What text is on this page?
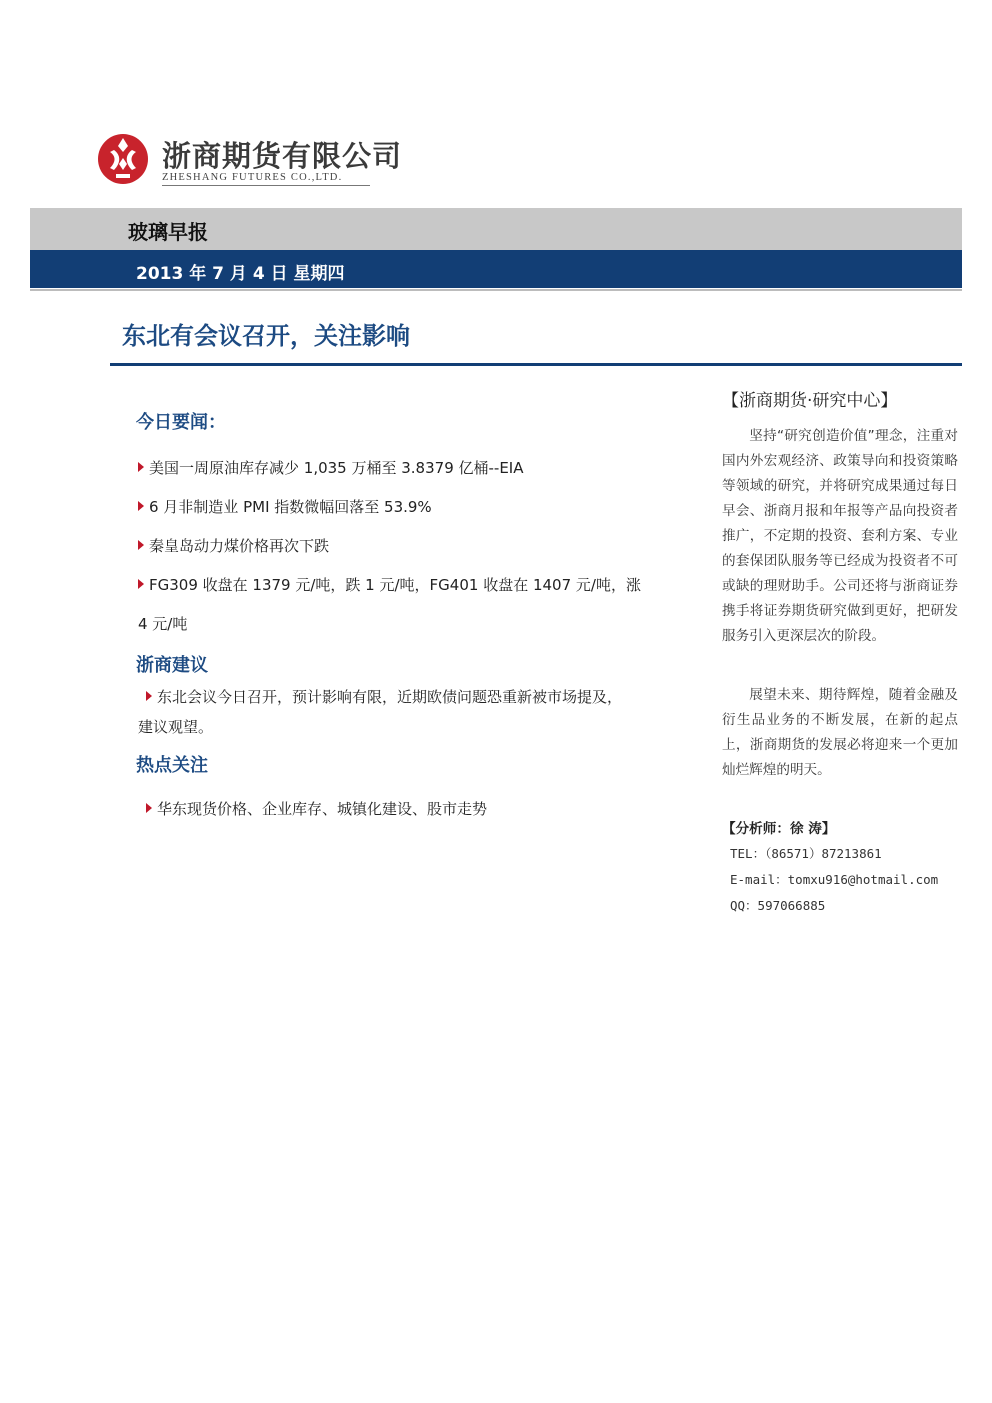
浙商期货有限公司
ZHESHANG FUTURES CO.,LTD.
玻璃早报
2013 年 7 月 4 日 星期四
东北有会议召开，关注影响
今日要闻：
美国一周原油库存减少 1,035 万桶至 3.8379 亿桶--EIA
6 月非制造业 PMI 指数微幅回落至 53.9%
秦皇岛动力煤价格再次下跌
FG309 收盘在 1379 元/吨，跌 1 元/吨，FG401 收盘在 1407 元/吨，涨
4 元/吨
浙商建议
东北会议今日召开，预计影响有限，近期欧债问题恐重新被市场提及，
建议观望。
热点关注
华东现货价格、企业库存、城镇化建设、股市走势
【浙商期货·研究中心】
坚持“研究创造价值”理念，注重对国内外宏观经济、政策导向和投资策略等领域的研究，并将研究成果通过每日早会、浙商月报和年报等产品向投资者推广，不定期的投资、套利方案、专业的套保团队服务等已经成为投资者不可或缺的理财助手。公司还将与浙商证券携手将证券期货研究做到更好，把研发服务引入更深层次的阶段。
展望未来、期待辉煌，随着金融及衍生品业务的不断发展，在新的起点上，浙商期货的发展必将迎来一个更加灿烂辉煌的明天。
【分析师：徐 涛】
TEL：（86571）87213861
E-mail：tomxu916@hotmail.com
QQ：597066885
